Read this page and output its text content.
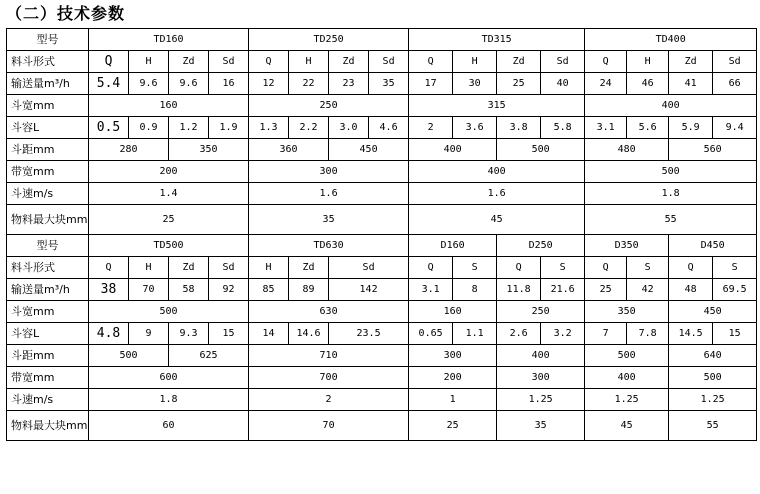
（二）技术参数
型号	TD160				TD250				TD315				TD400			
料斗形式	Q	H	Zd	Sd	Q	H	Zd	Sd	Q	H	Zd	Sd	Q	H	Zd	Sd
输送量m³/h	5.4	9.6	9.6	16	12	22	23	35	17	30	25	40	24	46	41	66
斗宽mm	160				250				315				400			
斗容L	0.5	0.9	1.2	1.9	1.3	2.2	3.0	4.6	2	3.6	3.8	5.8	3.1	5.6	5.9	9.4
斗距mm	280		350		360		450		400		500		480		560	
带宽mm	200				300				400				500			
斗速m/s	1.4				1.6				1.6				1.8			
物料最大块mm	25				35				45				55			
型号	TD500				TD630				D160		D250		D350		D450	
料斗形式	Q	H	Zd	Sd	H	Zd	Sd		Q	S	Q	S	Q	S	Q	S
输送量m³/h	38	70	58	92	85	89	142		3.1	8	11.8	21.6	25	42	48	69.5
斗宽mm	500				630				160		250		350		450	
斗容L	4.8	9	9.3	15	14	14.6	23.5		0.65	1.1	2.6	3.2	7	7.8	14.5	15
斗距mm	500		625		710				300		400		500		640	
带宽mm	600				700				200		300		400		500	
斗速m/s	1.8				2				1		1.25		1.25		1.25	
物料最大块mm	60				70				25		35		45		55	
